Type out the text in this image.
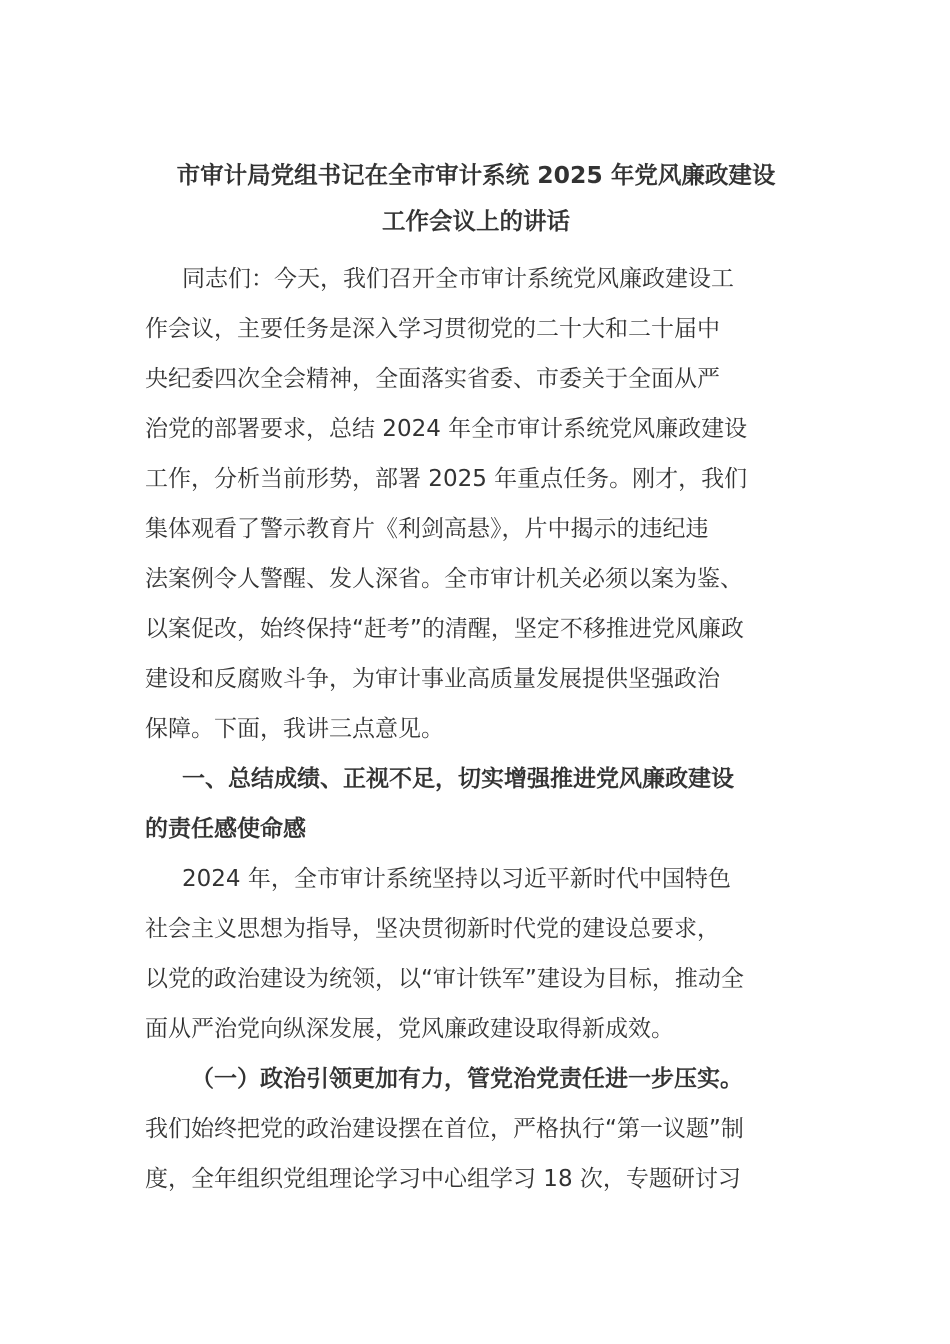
市审计局党组书记在全市审计系统 2025 年党风廉政建设
工作会议上的讲话

同志们：今天，我们召开全市审计系统党风廉政建设工
作会议，主要任务是深入学习贯彻党的二十大和二十届中
央纪委四次全会精神，全面落实省委、市委关于全面从严
治党的部署要求，总结 2024 年全市审计系统党风廉政建设
工作，分析当前形势，部署 2025 年重点任务。刚才，我们
集体观看了警示教育片《利剑高悬》，片中揭示的违纪违
法案例令人警醒、发人深省。全市审计机关必须以案为鉴、
以案促改，始终保持“赶考”的清醒，坚定不移推进党风廉政
建设和反腐败斗争，为审计事业高质量发展提供坚强政治
保障。下面，我讲三点意见。

一、总结成绩、正视不足，切实增强推进党风廉政建设
的责任感使命感

2024 年，全市审计系统坚持以习近平新时代中国特色
社会主义思想为指导，坚决贯彻新时代党的建设总要求，
以党的政治建设为统领，以“审计铁军”建设为目标，推动全
面从严治党向纵深发展，党风廉政建设取得新成效。

（一）政治引领更加有力，管党治党责任进一步压实。
我们始终把党的政治建设摆在首位，严格执行“第一议题”制
度，全年组织党组理论学习中心组学习 18 次，专题研讨习
